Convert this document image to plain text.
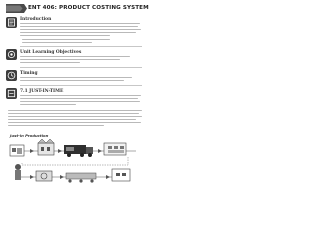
ENT 406: PRODUCT COSTING SYSTEM
Introduction
Unit Learning Objectives
Timing
7.1 JUST-IN-TIME
Just-in Production
